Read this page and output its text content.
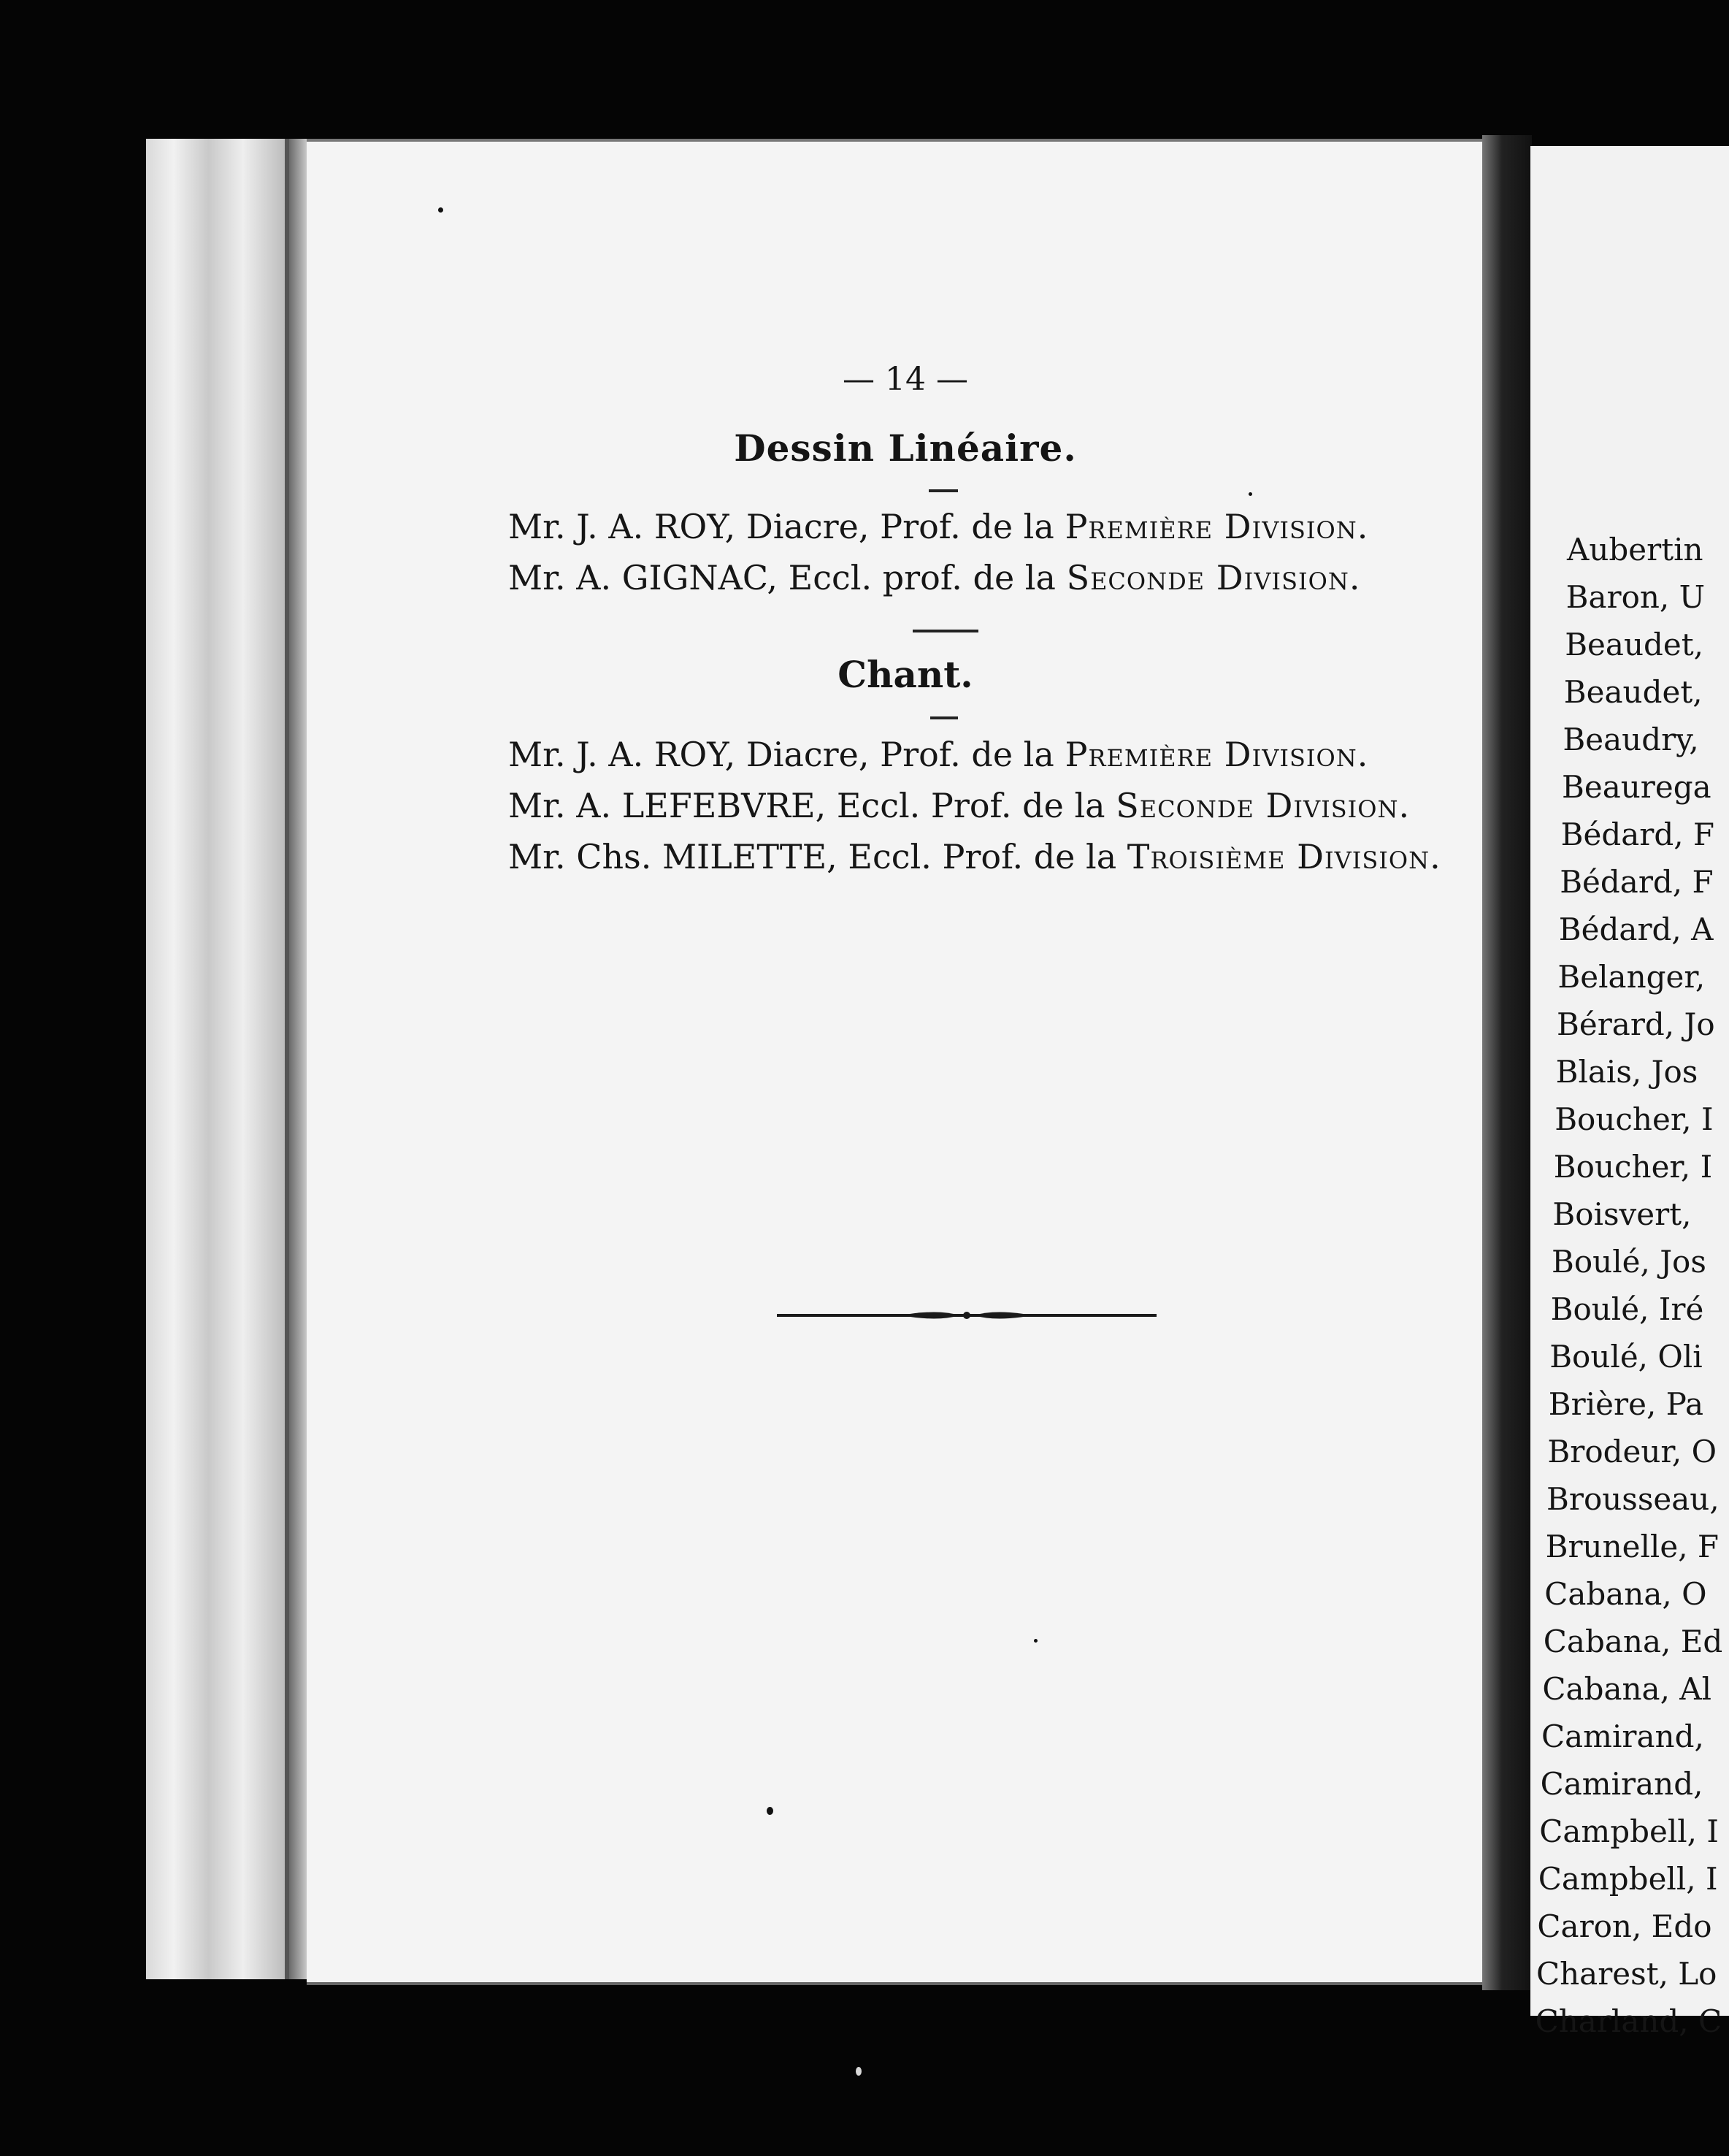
— 14 —
Dessin Linéaire.
Mr. J. A. ROY, Diacre, Prof. de la Première Division.
Mr. A. GIGNAC, Eccl. prof. de la Seconde Division.
Chant.
Mr. J. A. ROY, Diacre, Prof. de la Première Division.
Mr. A. LEFEBVRE, Eccl. Prof. de la Seconde Division.
Mr. Chs. MILETTE, Eccl. Prof. de la Troisième Division.
Aubertin
Baron, U
Beaudet,
Beaudet,
Beaudry,
Beaurega
Bédard, F
Bédard, F
Bédard, A
Belanger,
Bérard, Jo
Blais, Jos
Boucher, I
Boucher, I
Boisvert,
Boulé, Jos
Boulé, Iré
Boulé, Oli
Brière, Pa
Brodeur, O
Brousseau,
Brunelle, F
Cabana, O
Cabana, Ed
Cabana, Al
Camirand,
Camirand,
Campbell, I
Campbell, I
Caron, Edo
Charest, Lo
Charland, C
